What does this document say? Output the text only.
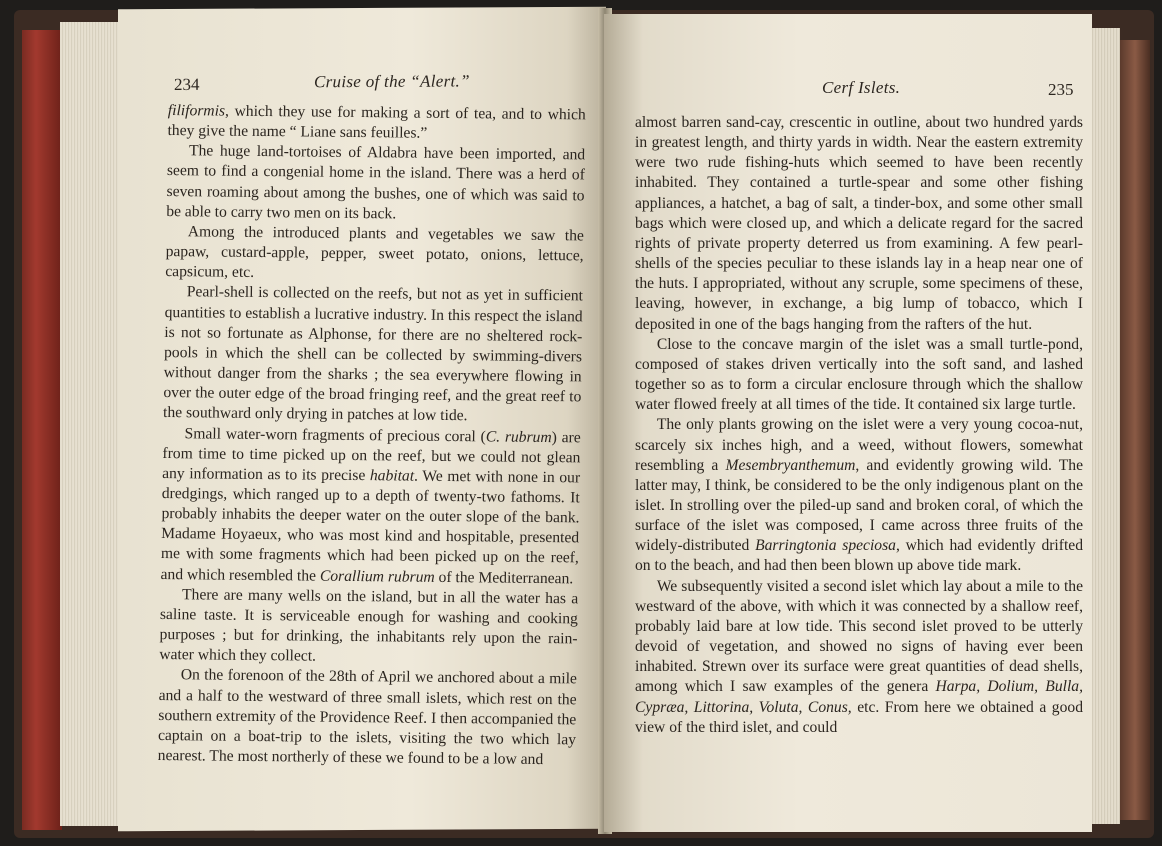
234	Cruise of the “Alert.”

filiformis, which they use for making a sort of tea, and to which they give the name “ Liane sans feuilles.”

The huge land-tortoises of Aldabra have been imported, and seem to find a congenial home in the island. There was a herd of seven roaming about among the bushes, one of which was said to be able to carry two men on its back.

Among the introduced plants and vegetables we saw the papaw, custard-apple, pepper, sweet potato, onions, lettuce, capsicum, etc.

Pearl-shell is collected on the reefs, but not as yet in sufficient quantities to establish a lucrative industry. In this respect the island is not so fortunate as Alphonse, for there are no sheltered rock-pools in which the shell can be collected by swimming-divers without danger from the sharks ; the sea everywhere flowing in over the outer edge of the broad fringing reef, and the great reef to the southward only drying in patches at low tide.

Small water-worn fragments of precious coral (C. rubrum) are from time to time picked up on the reef, but we could not glean any information as to its precise habitat. We met with none in our dredgings, which ranged up to a depth of twenty-two fathoms. It probably inhabits the deeper water on the outer slope of the bank. Madame Hoyaeux, who was most kind and hospitable, presented me with some fragments which had been picked up on the reef, and which resembled the Corallium rubrum of the Mediterranean.

There are many wells on the island, but in all the water has a saline taste. It is serviceable enough for washing and cooking purposes ; but for drinking, the inhabitants rely upon the rain-water which they collect.

On the forenoon of the 28th of April we anchored about a mile and a half to the westward of three small islets, which rest on the southern extremity of the Providence Reef. I then accompanied the captain on a boat-trip to the islets, visiting the two which lay nearest. The most northerly of these we found to be a low and

Cerf Islets.	235

almost barren sand-cay, crescentic in outline, about two hundred yards in greatest length, and thirty yards in width. Near the eastern extremity were two rude fishing-huts which seemed to have been recently inhabited. They contained a turtle-spear and some other fishing appliances, a hatchet, a bag of salt, a tinder-box, and some other small bags which were closed up, and which a delicate regard for the sacred rights of private property deterred us from examining. A few pearl-shells of the species peculiar to these islands lay in a heap near one of the huts. I appropriated, without any scruple, some specimens of these, leaving, however, in exchange, a big lump of tobacco, which I deposited in one of the bags hanging from the rafters of the hut.

Close to the concave margin of the islet was a small turtle-pond, composed of stakes driven vertically into the soft sand, and lashed together so as to form a circular enclosure through which the shallow water flowed freely at all times of the tide. It contained six large turtle.

The only plants growing on the islet were a very young cocoa-nut, scarcely six inches high, and a weed, without flowers, somewhat resembling a Mesembryanthemum, and evidently growing wild. The latter may, I think, be considered to be the only indigenous plant on the islet. In strolling over the piled-up sand and broken coral, of which the surface of the islet was composed, I came across three fruits of the widely-distributed Barringtonia speciosa, which had evidently drifted on to the beach, and had then been blown up above tide mark.

We subsequently visited a second islet which lay about a mile to the westward of the above, with which it was connected by a shallow reef, probably laid bare at low tide. This second islet proved to be utterly devoid of vegetation, and showed no signs of having ever been inhabited. Strewn over its surface were great quantities of dead shells, among which I saw examples of the genera Harpa, Dolium, Bulla, Cypræa, Littorina, Voluta, Conus, etc. From here we obtained a good view of the third islet, and could
